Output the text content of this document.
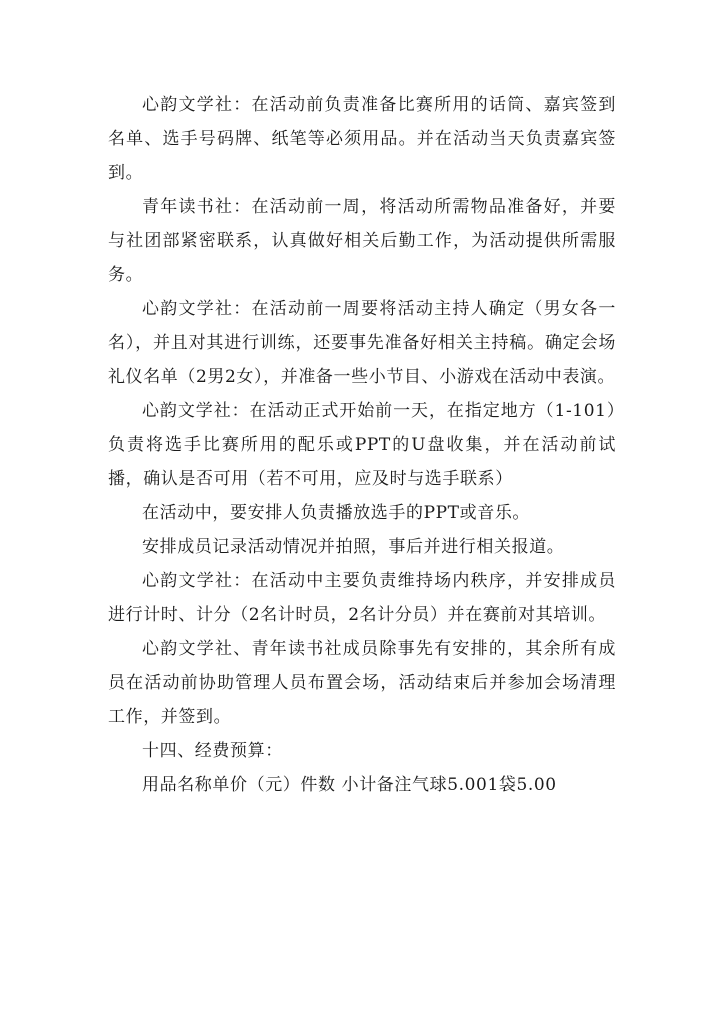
心韵文学社：在活动前负责准备比赛所用的话筒、嘉宾签到名单、选手号码牌、纸笔等必须用品。并在活动当天负责嘉宾签到。

青年读书社：在活动前一周，将活动所需物品准备好，并要与社团部紧密联系，认真做好相关后勤工作，为活动提供所需服务。

心韵文学社：在活动前一周要将活动主持人确定（男女各一名），并且对其进行训练，还要事先准备好相关主持稿。确定会场礼仪名单（2男2女），并准备一些小节目、小游戏在活动中表演。

心韵文学社：在活动正式开始前一天，在指定地方（1-101）负责将选手比赛所用的配乐或PPT的U盘收集，并在活动前试播，确认是否可用（若不可用，应及时与选手联系）

在活动中，要安排人负责播放选手的PPT或音乐。

安排成员记录活动情况并拍照，事后并进行相关报道。

心韵文学社：在活动中主要负责维持场内秩序，并安排成员进行计时、计分（2名计时员，2名计分员）并在赛前对其培训。

心韵文学社、青年读书社成员除事先有安排的，其余所有成员在活动前协助管理人员布置会场，活动结束后并参加会场清理工作，并签到。

十四、经费预算：

用品名称单价（元）件数 小计备注气球5.001袋5.00
